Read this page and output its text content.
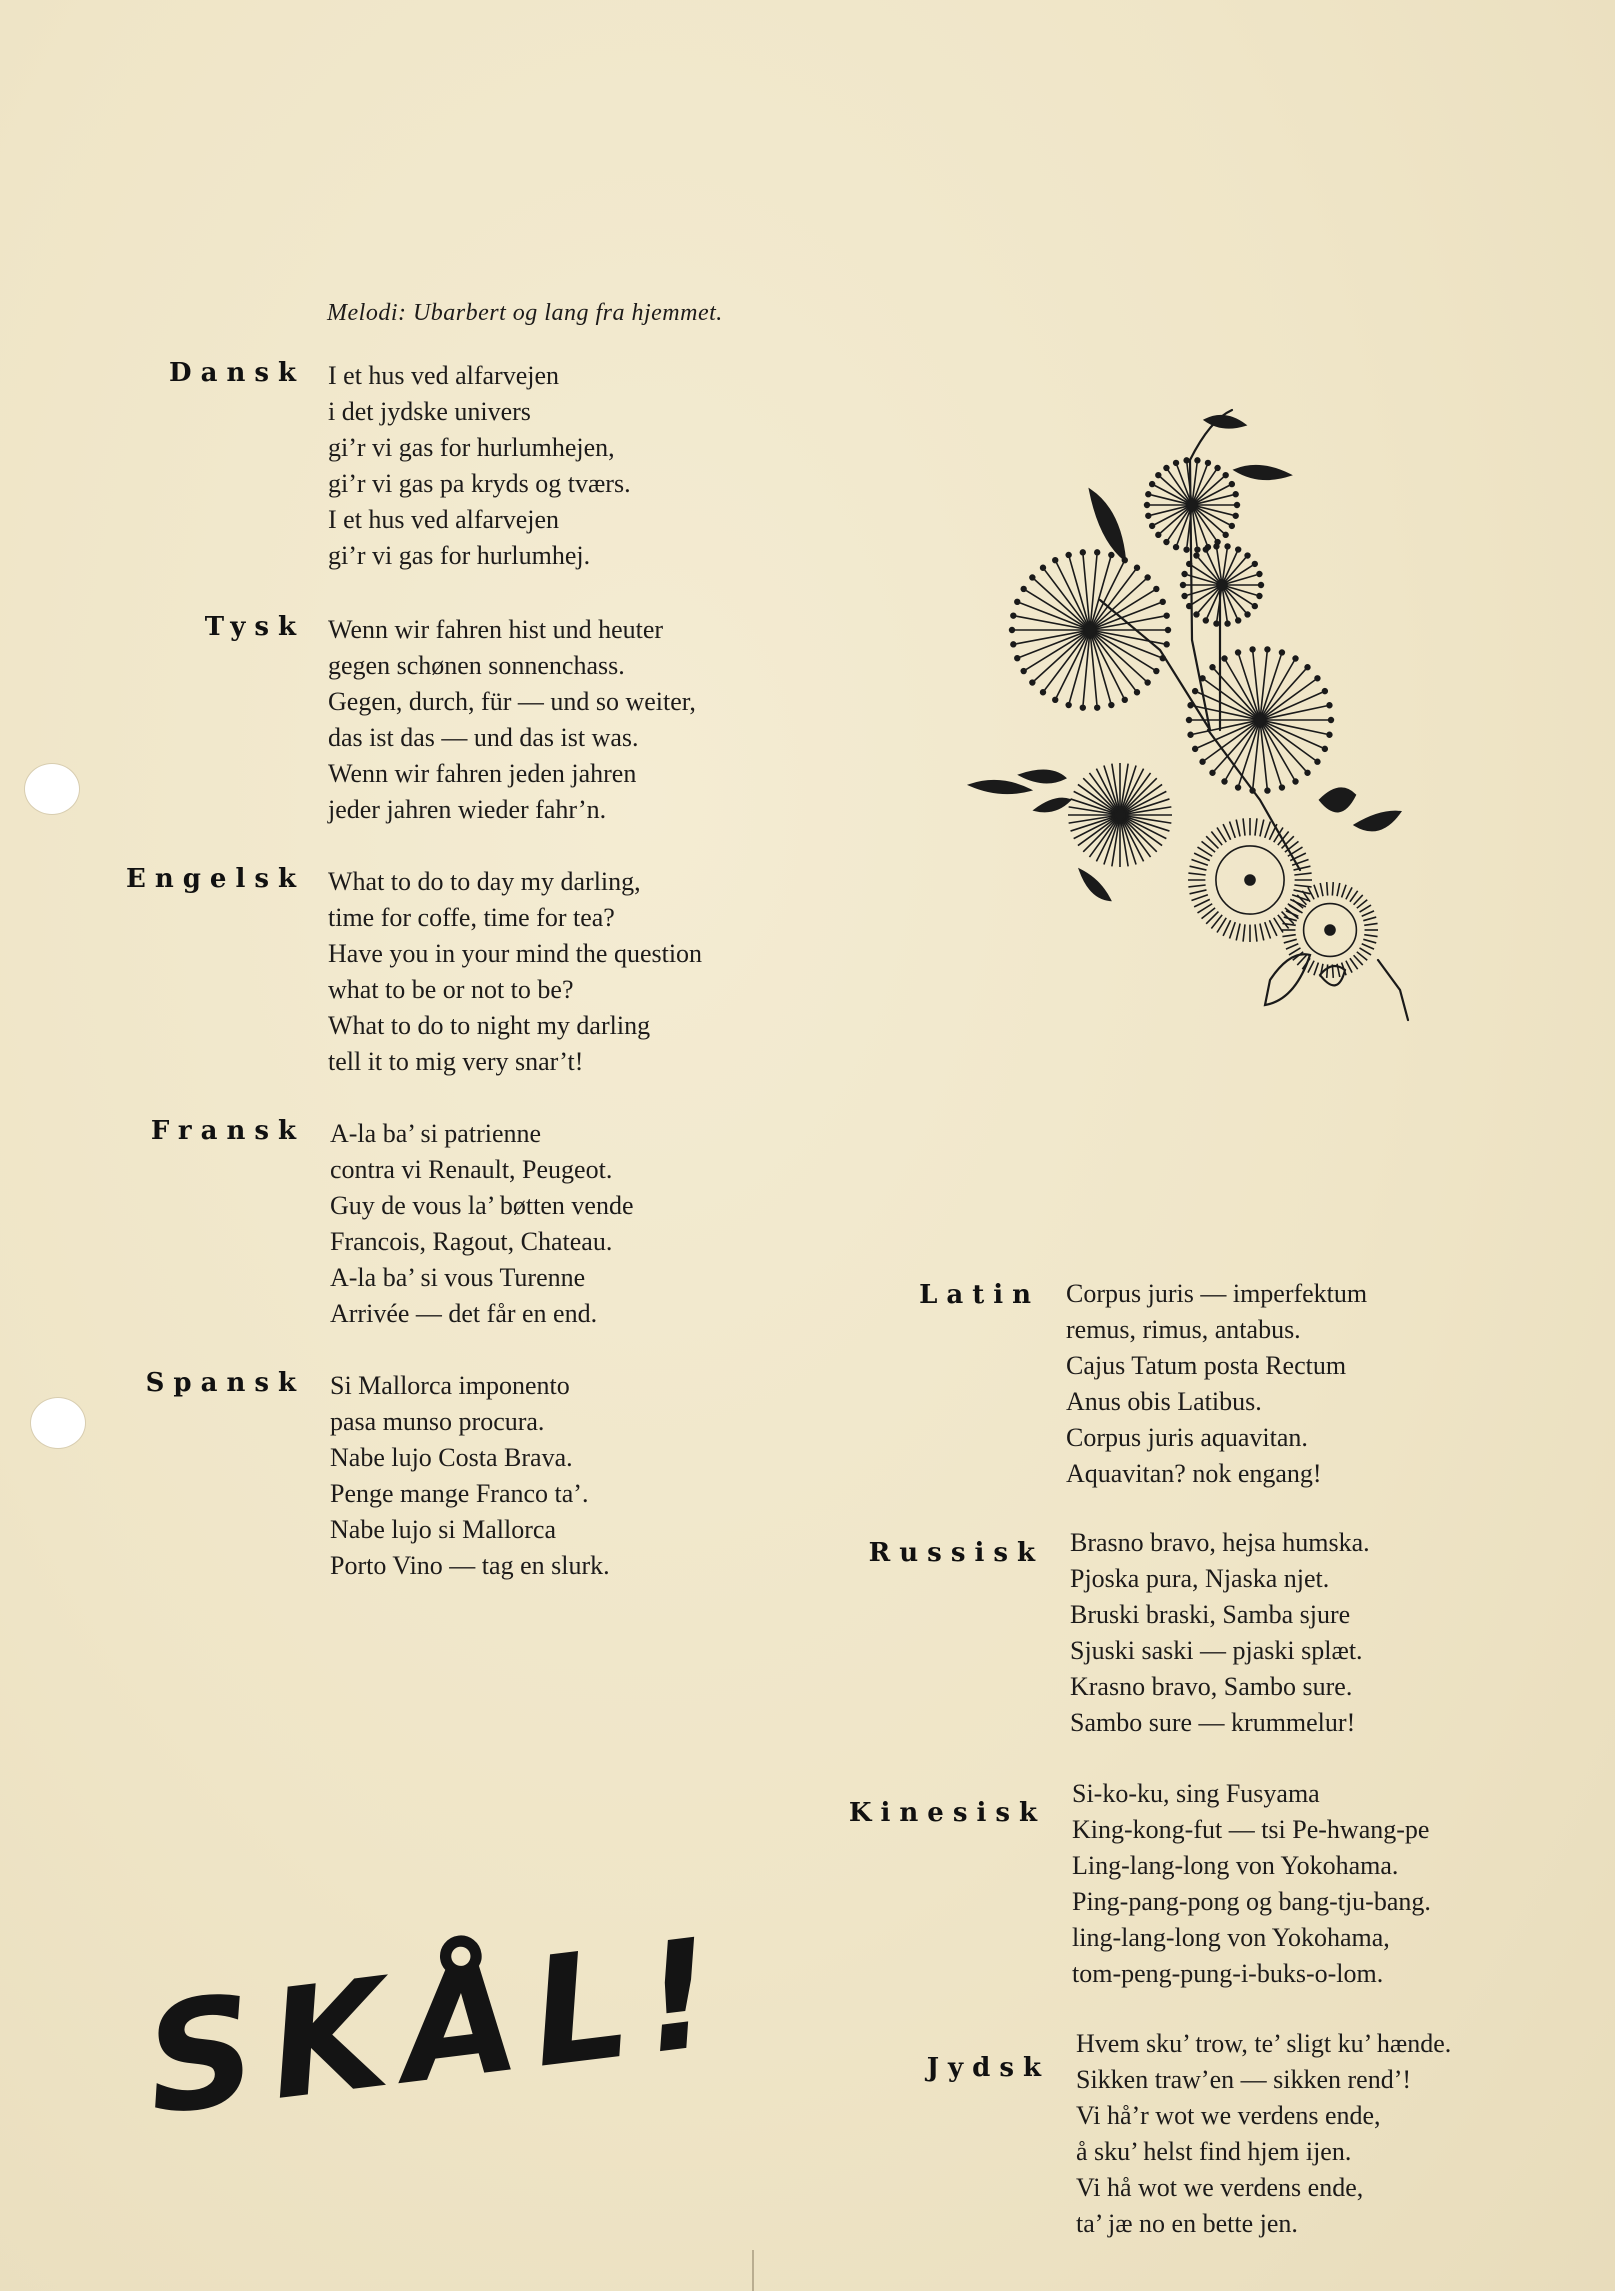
Melodi: Ubarbert og lang fra hjemmet.
Dansk I et hus ved alfarvejen
i det jydske univers
gi’r vi gas for hurlumhejen,
gi’r vi gas pa kryds og tværs.
I et hus ved alfarvejen
gi’r vi gas for hurlumhej.
Tysk Wenn wir fahren hist und heuter
gegen schønen sonnenchass.
Gegen, durch, für — und so weiter,
das ist das — und das ist was.
Wenn wir fahren jeden jahren
jeder jahren wieder fahr’n.
Engelsk What to do to day my darling,
time for coffe, time for tea?
Have you in your mind the question
what to be or not to be?
What to do to night my darling
tell it to mig very snar’t!
Fransk A-la ba’ si patrienne
contra vi Renault, Peugeot.
Guy de vous la’ bøtten vende
Francois, Ragout, Chateau.
A-la ba’ si vous Turenne
Arrivée — det får en end.
Spansk Si Mallorca imponento
pasa munso procura.
Nabe lujo Costa Brava.
Penge mange Franco ta’.
Nabe lujo si Mallorca
Porto Vino — tag en slurk.
Latin Corpus juris — imperfektum
remus, rimus, antabus.
Cajus Tatum posta Rectum
Anus obis Latibus.
Corpus juris aquavitan.
Aquavitan? nok engang!
Russisk Brasno bravo, hejsa humska.
Pjoska pura, Njaska njet.
Bruski braski, Samba sjure
Sjuski saski — pjaski splæt.
Krasno bravo, Sambo sure.
Sambo sure — krummelur!
Kinesisk
Si-ko-ku, sing Fusyama
King-kong-fut — tsi Pe-hwang-pe
Ling-lang-long von Yokohama.
Ping-pang-pong og bang-tju-bang.
ling-lang-long von Yokohama,
tom-peng-pung-i-buks-o-lom.
Jydsk
Hvem sku’ trow, te’ sligt ku’ hænde.
Sikken traw’en — sikken rend’!
Vi hå’r wot we verdens ende,
å sku’ helst find hjem ijen.
Vi hå wot we verdens ende,
ta’ jæ no en bette jen.
SKÅL!
